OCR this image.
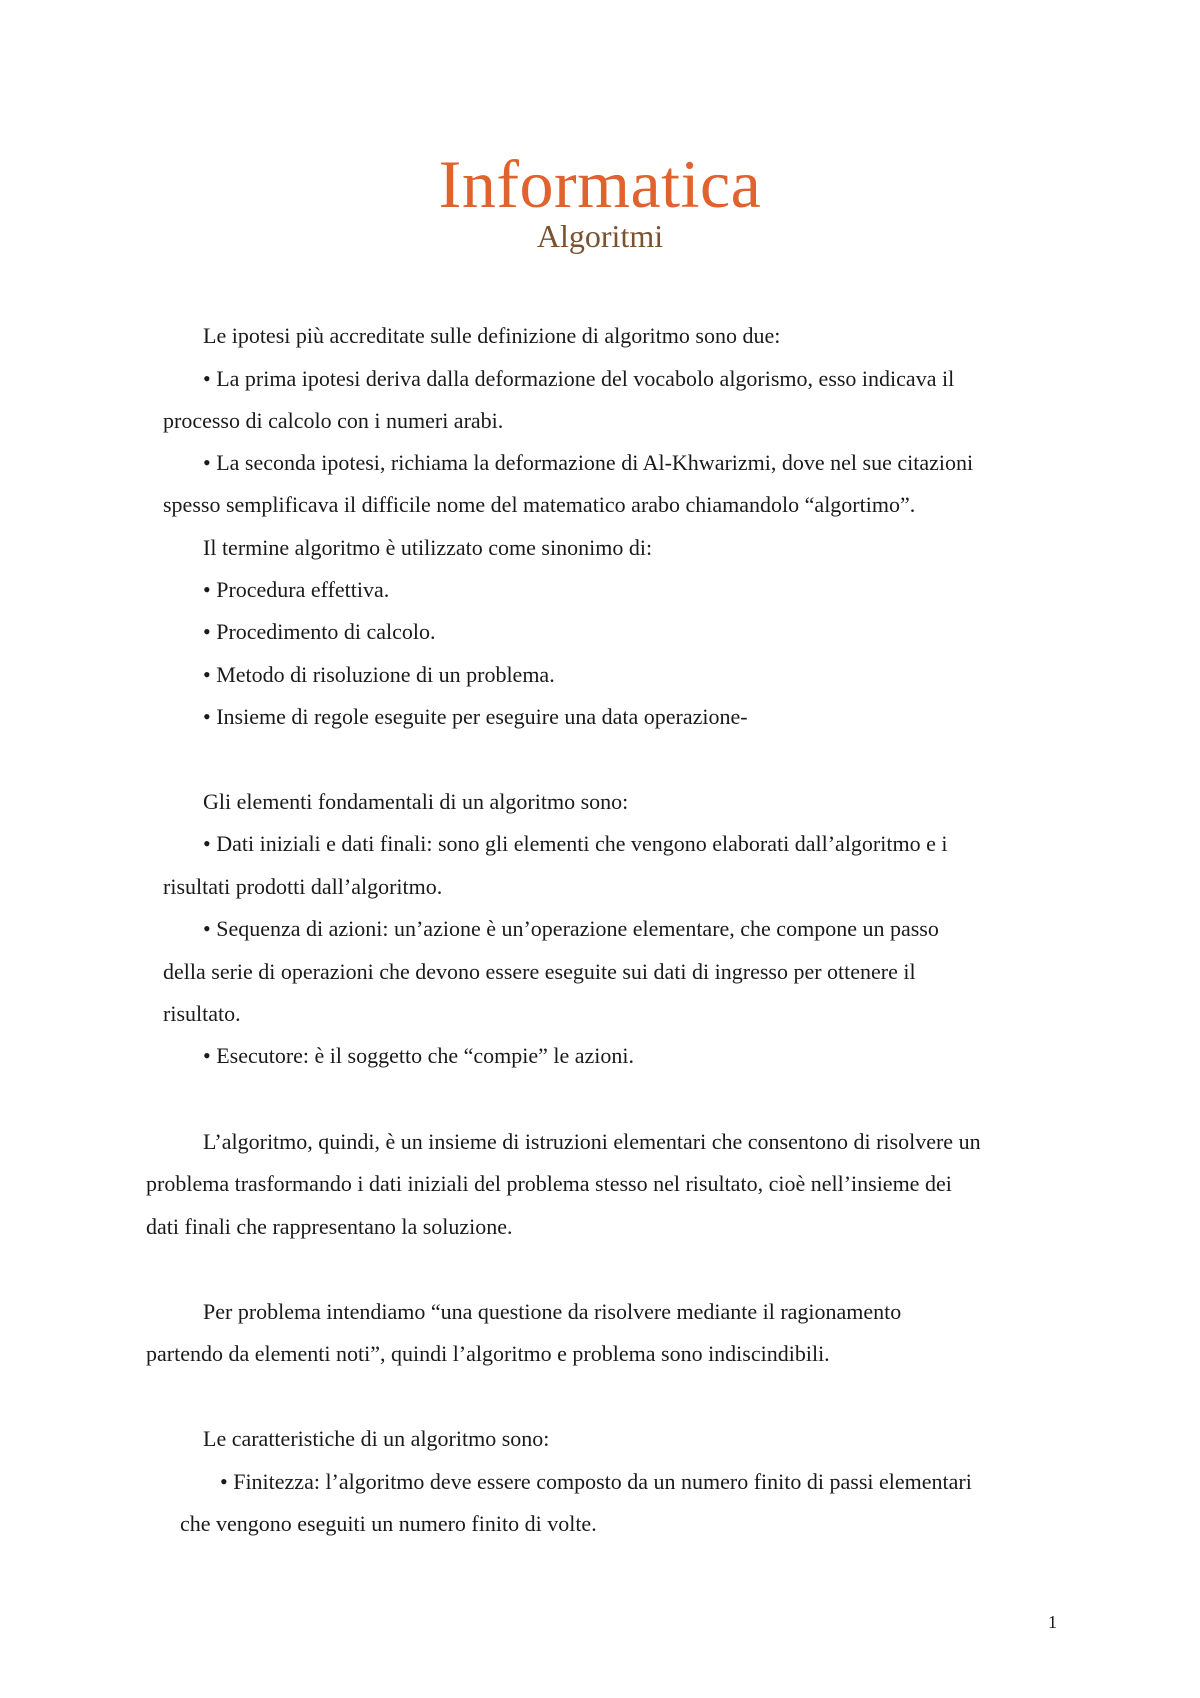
Informatica
Algoritmi
Le ipotesi più accreditate sulle definizione di algoritmo sono due:
• La prima ipotesi deriva dalla deformazione del vocabolo algorismo, esso indicava il
processo di calcolo con i numeri arabi.
• La seconda ipotesi, richiama la deformazione di Al-Khwarizmi, dove nel sue citazioni
spesso semplificava il difficile nome del matematico arabo chiamandolo “algortimo”.
Il termine algoritmo è utilizzato come sinonimo di:
• Procedura effettiva.
• Procedimento di calcolo.
• Metodo di risoluzione di un problema.
• Insieme di regole eseguite per eseguire una data operazione-
Gli elementi fondamentali di un algoritmo sono:
• Dati iniziali e dati finali: sono gli elementi che vengono elaborati dall’algoritmo e i
risultati prodotti dall’algoritmo.
• Sequenza di azioni: un’azione è un’operazione elementare, che compone un passo
della serie di operazioni che devono essere eseguite sui dati di ingresso per ottenere il
risultato.
• Esecutore: è il soggetto che “compie” le azioni.
L’algoritmo, quindi, è un insieme di istruzioni elementari che consentono di risolvere un
problema trasformando i dati iniziali del problema stesso nel risultato, cioè nell’insieme dei
dati finali che rappresentano la soluzione.
Per problema intendiamo “una questione da risolvere mediante il ragionamento
partendo da elementi noti”, quindi l’algoritmo e problema sono indiscindibili.
Le caratteristiche di un algoritmo sono:
• Finitezza: l’algoritmo deve essere composto da un numero finito di passi elementari
che vengono eseguiti un numero finito di volte.
1
